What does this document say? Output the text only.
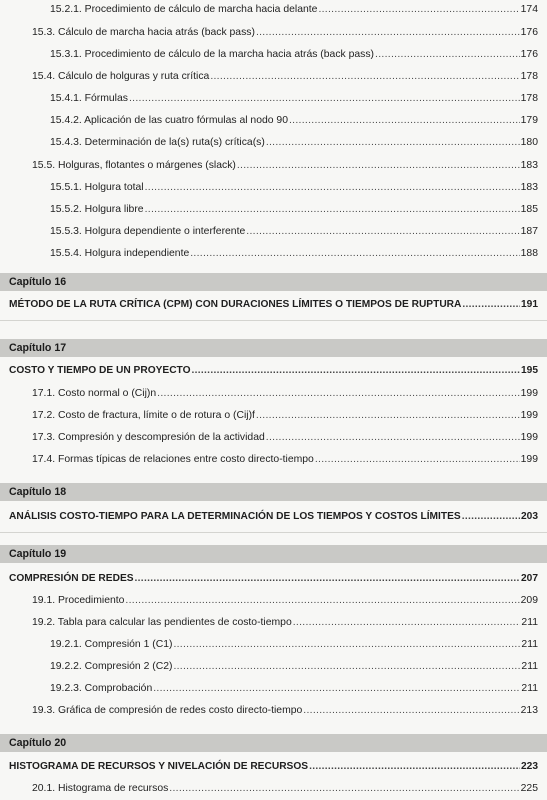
15.2.1. Procedimiento de cálculo de marcha hacia delante .....	174
15.3. Cálculo de marcha hacia atrás (back pass) .....	176
15.3.1. Procedimiento de cálculo de la marcha hacia atrás (back pass) .....	176
15.4. Cálculo de holguras y ruta crítica .....	178
15.4.1. Fórmulas .....	178
15.4.2. Aplicación de las cuatro fórmulas al nodo 90 .....	179
15.4.3. Determinación de la(s) ruta(s) crítica(s) .....	180
15.5. Holguras, flotantes o márgenes (slack) .....	183
15.5.1. Holgura total .....	183
15.5.2. Holgura libre .....	185
15.5.3. Holgura dependiente o interferente .....	187
15.5.4. Holgura independiente .....	188
Capítulo 16
MÉTODO DE LA RUTA CRÍTICA (CPM) CON DURACIONES LÍMITES O TIEMPOS DE RUPTURA .....	191
Capítulo 17
COSTO Y TIEMPO DE UN PROYECTO .....	195
17.1. Costo normal o (Cij)n .....	199
17.2. Costo de fractura, límite o de rotura o (Cij)f .....	199
17.3. Compresión y descompresión de la actividad .....	199
17.4. Formas típicas de relaciones entre costo directo-tiempo .....	199
Capítulo 18
ANÁLISIS COSTO-TIEMPO PARA LA DETERMINACIÓN DE LOS TIEMPOS Y COSTOS LÍMITES .....	203
Capítulo 19
COMPRESIÓN DE REDES .....	207
19.1. Procedimiento .....	209
19.2. Tabla para calcular las pendientes de costo-tiempo .....	211
19.2.1. Compresión 1 (C1) .....	211
19.2.2. Compresión 2 (C2) .....	211
19.2.3. Comprobación .....	211
19.3. Gráfica de compresión de redes costo directo-tiempo .....	213
Capítulo 20
HISTOGRAMA DE RECURSOS Y NIVELACIÓN DE RECURSOS .....	223
20.1. Histograma de recursos .....	225
